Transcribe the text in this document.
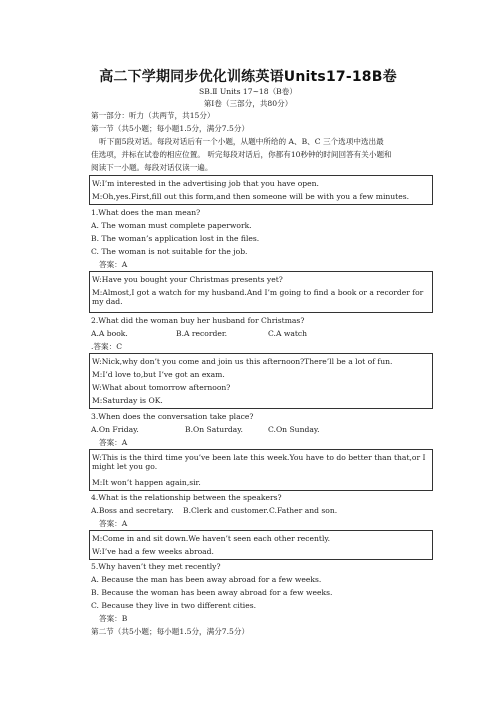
高二下学期同步优化训练英语Units17-18B卷
SB.Ⅱ Units 17~18（B卷）
第Ⅰ卷（三部分，共80分）
第一部分：听力（共两节，共15分）
第一节（共5小题；每小题1.5分，满分7.5分）
听下面5段对话。每段对话后有一个小题，从题中所给的 A、B、C 三个选项中选出最
佳选项，并标在试卷的相应位置。 听完每段对话后，你都有10秒钟的时间回答有关小题和
阅读下一小题。每段对话仅读一遍。
W:I’m interested in the advertising job that you have open.
M:Oh,yes.First,fill out this form,and then someone will be with you a few minutes.
1.What does the man mean?
A. The woman must complete paperwork.
B. The woman’s application lost in the files.
C. The woman is not suitable for the job.
答案：A
W:Have you bought your Christmas presents yet?
M:Almost,I got a watch for my husband.And I’m going to find a book or a recorder for my dad.
2.What did the woman buy her husband for Christmas?
A.A book.	B.A recorder.	C.A watch
.答案：C
W:Nick,why don’t you come and join us this afternoon?There’ll be a lot of fun.
M:I’d love to,but I’ve got an exam.
W:What about tomorrow afternoon?
M:Saturday is OK.
3.When does the conversation take place?
A.On Friday.	B.On Saturday.	C.On Sunday.
答案：A
W:This is the third time you’ve been late this week.You have to do better than that,or I might let you go.
M:It won’t happen again,sir.
4.What is the relationship between the speakers?
A.Boss and secretary. B.Clerk and customer. C.Father and son.
答案：A
M:Come in and sit down.We haven’t seen each other recently.
W:I’ve had a few weeks abroad.
5.Why haven’t they met recently?
A. Because the man has been away abroad for a few weeks.
B. Because the woman has been away abroad for a few weeks.
C. Because they live in two different cities.
答案：B
第二节（共5小题；每小题1.5分，满分7.5分）
